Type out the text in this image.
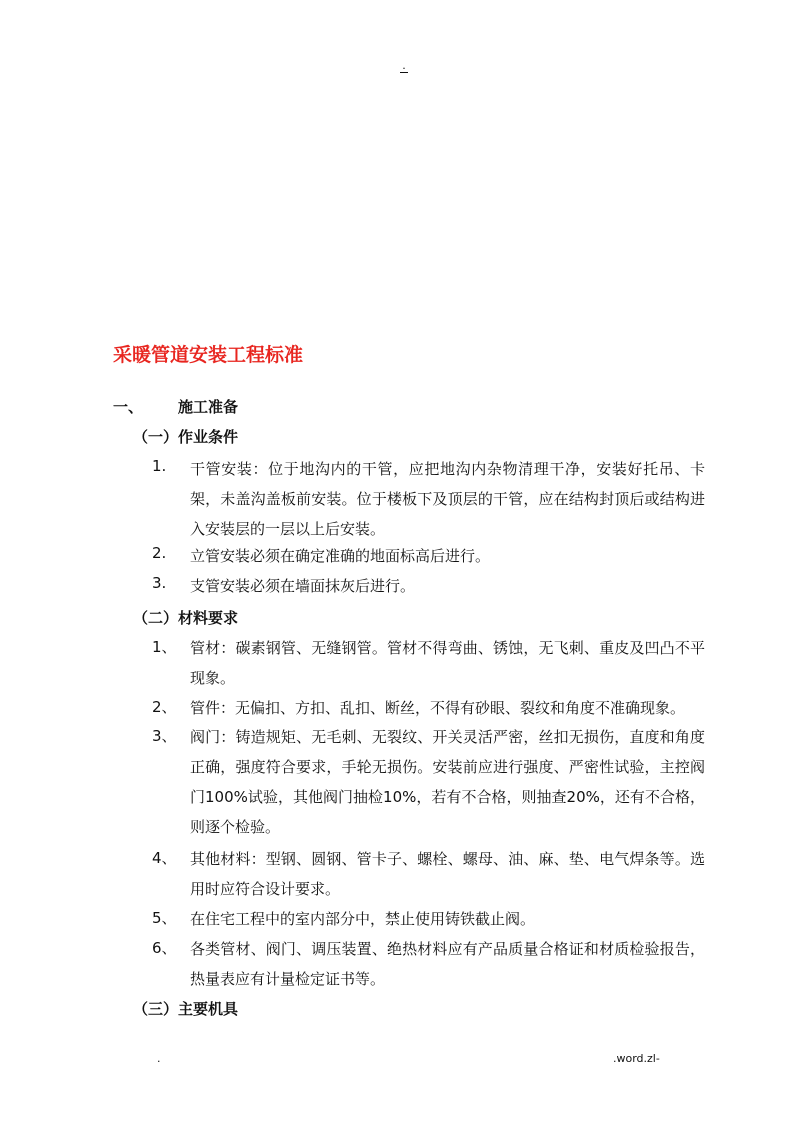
.
采暖管道安装工程标准
一、 施工准备
（一）作业条件
1. 干管安装：位于地沟内的干管，应把地沟内杂物清理干净，安装好托吊、卡架，未盖沟盖板前安装。位于楼板下及顶层的干管，应在结构封顶后或结构进入安装层的一层以上后安装。
2. 立管安装必须在确定准确的地面标高后进行。
3. 支管安装必须在墙面抹灰后进行。
（二）材料要求
1、 管材：碳素钢管、无缝钢管。管材不得弯曲、锈蚀，无飞刺、重皮及凹凸不平现象。
2、 管件：无偏扣、方扣、乱扣、断丝，不得有砂眼、裂纹和角度不准确现象。
3、 阀门：铸造规矩、无毛刺、无裂纹、开关灵活严密，丝扣无损伤，直度和角度正确，强度符合要求，手轮无损伤。安装前应进行强度、严密性试验，主控阀门100%试验，其他阀门抽检10%，若有不合格，则抽查20%，还有不合格，则逐个检验。
4、 其他材料：型钢、圆钢、管卡子、螺栓、螺母、油、麻、垫、电气焊条等。选用时应符合设计要求。
5、 在住宅工程中的室内部分中，禁止使用铸铁截止阀。
6、 各类管材、阀门、调压装置、绝热材料应有产品质量合格证和材质检验报告，热量表应有计量检定证书等。
（三）主要机具
.	.word.zl-
